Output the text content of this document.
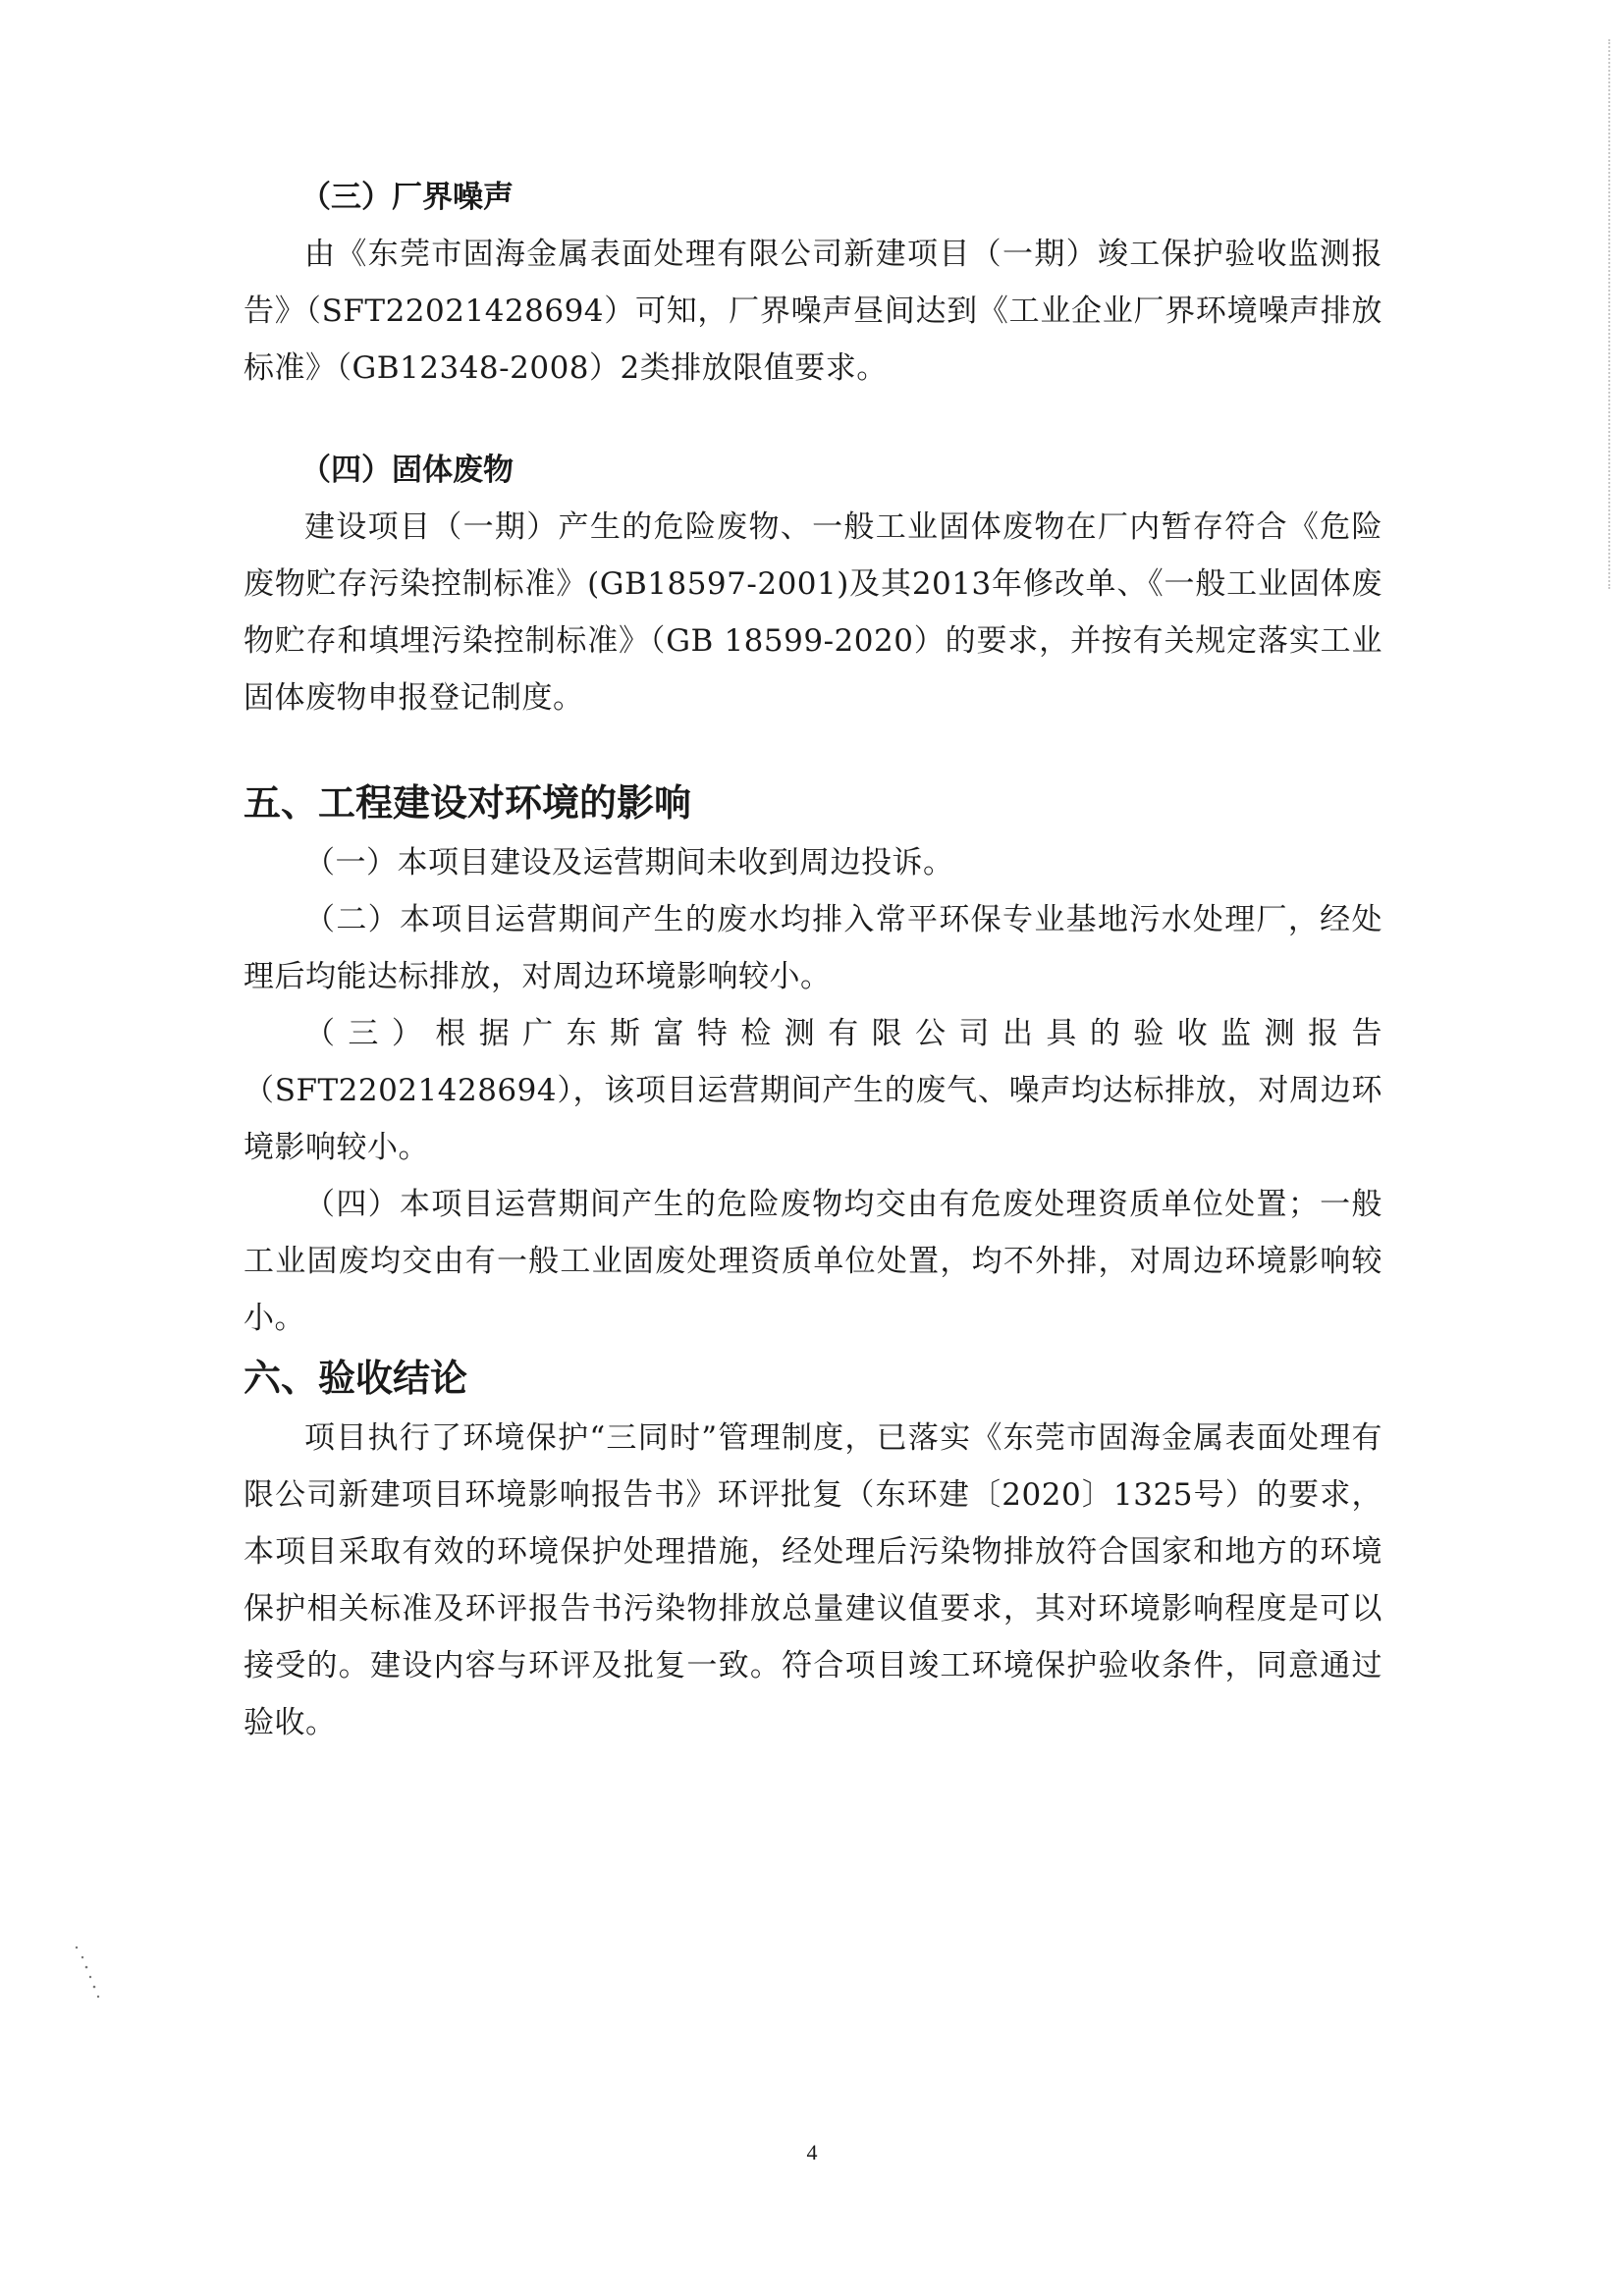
（三）厂界噪声

由《东莞市固海金属表面处理有限公司新建项目（一期）竣工保护验收监测报告》（SFT22021428694）可知，厂界噪声昼间达到《工业企业厂界环境噪声排放标准》（GB12348-2008）2类排放限值要求。

（四）固体废物

建设项目（一期）产生的危险废物、一般工业固体废物在厂内暂存符合《危险废物贮存污染控制标准》(GB18597-2001)及其2013年修改单、《一般工业固体废物贮存和填埋污染控制标准》（GB 18599-2020）的要求，并按有关规定落实工业固体废物申报登记制度。

五、工程建设对环境的影响

（一）本项目建设及运营期间未收到周边投诉。

（二）本项目运营期间产生的废水均排入常平环保专业基地污水处理厂，经处理后均能达标排放，对周边环境影响较小。

（三）根据广东斯富特检测有限公司出具的验收监测报告（SFT22021428694），该项目运营期间产生的废气、噪声均达标排放，对周边环境影响较小。

（四）本项目运营期间产生的危险废物均交由有危废处理资质单位处置；一般工业固废均交由有一般工业固废处理资质单位处置，均不外排，对周边环境影响较小。

六、验收结论

项目执行了环境保护“三同时”管理制度，已落实《东莞市固海金属表面处理有限公司新建项目环境影响报告书》环评批复（东环建〔2020〕1325号）的要求，本项目采取有效的环境保护处理措施，经处理后污染物排放符合国家和地方的环境保护相关标准及环评报告书污染物排放总量建议值要求，其对环境影响程度是可以接受的。建设内容与环评及批复一致。符合项目竣工环境保护验收条件，同意通过验收。

4
